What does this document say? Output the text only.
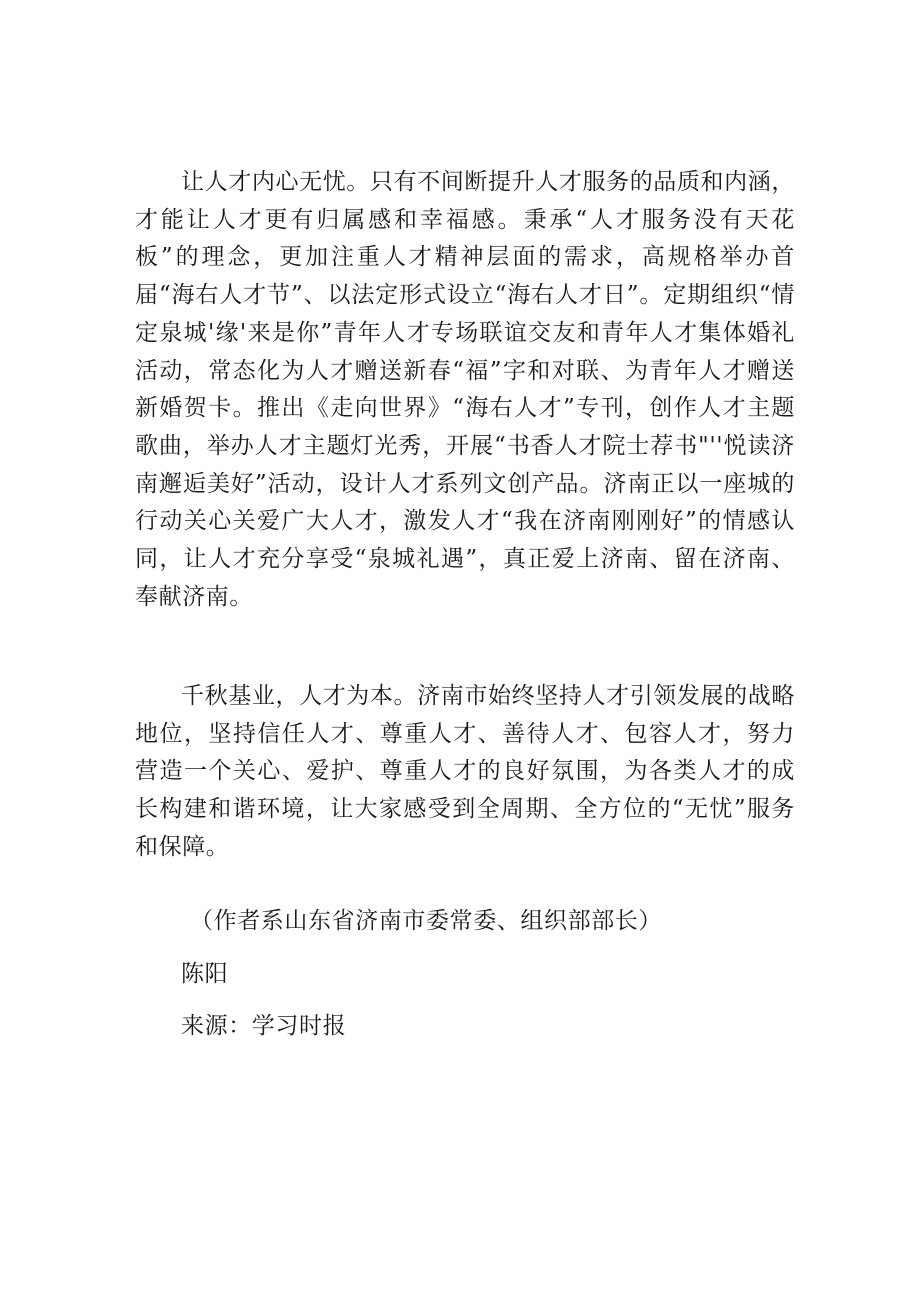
让人才内心无忧。只有不间断提升人才服务的品质和内涵，才能让人才更有归属感和幸福感。秉承“人才服务没有天花板”的理念，更加注重人才精神层面的需求，高规格举办首届“海右人才节”、以法定形式设立“海右人才日”。定期组织“情定泉城'缘'来是你”青年人才专场联谊交友和青年人才集体婚礼活动，常态化为人才赠送新春“福”字和对联、为青年人才赠送新婚贺卡。推出《走向世界》“海右人才”专刊，创作人才主题歌曲，举办人才主题灯光秀，开展“书香人才院士荐书"''悦读济南邂逅美好”活动，设计人才系列文创产品。济南正以一座城的行动关心关爱广大人才，激发人才“我在济南刚刚好”的情感认同，让人才充分享受“泉城礼遇”，真正爱上济南、留在济南、奉献济南。

千秋基业，人才为本。济南市始终坚持人才引领发展的战略地位，坚持信任人才、尊重人才、善待人才、包容人才，努力营造一个关心、爱护、尊重人才的良好氛围，为各类人才的成长构建和谐环境，让大家感受到全周期、全方位的“无忧”服务和保障。

（作者系山东省济南市委常委、组织部部长）

陈阳

来源：学习时报
